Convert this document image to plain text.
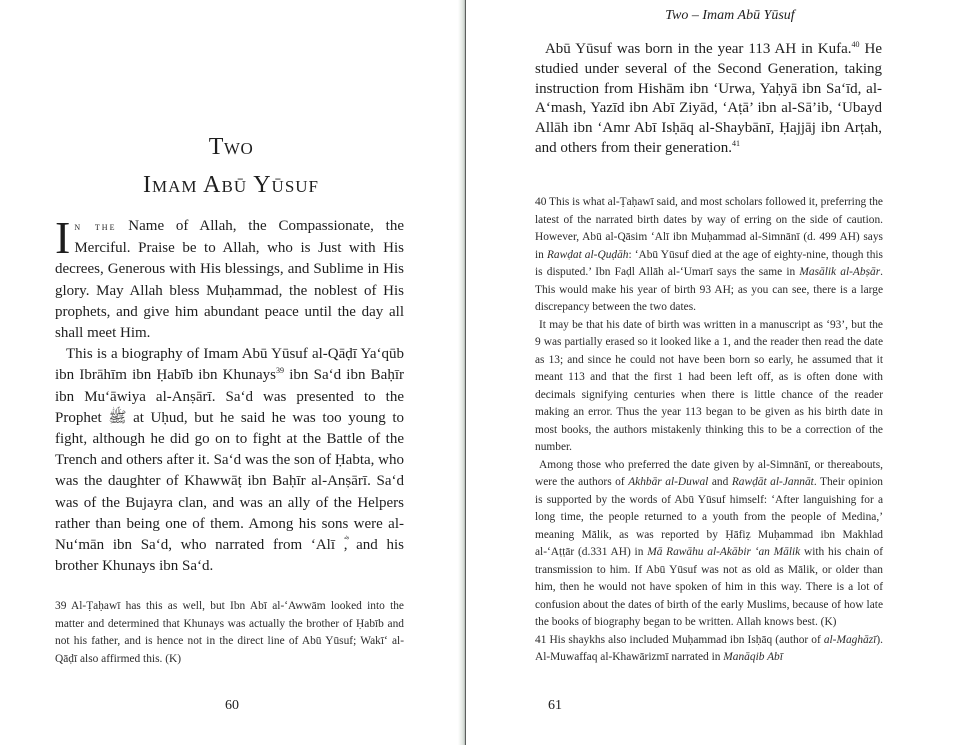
Two
Imam Abū Yūsuf

In the Name of Allah, the Compassionate, the Merciful. Praise be to Allah, who is Just with His decrees, Generous with His blessings, and Sublime in His glory. May Allah bless Muḥammad, the noblest of His prophets, and give him abundant peace until the day all shall meet Him.

This is a biography of Imam Abū Yūsuf al-Qāḍī Ya‘qūb ibn Ibrāhīm ibn Ḥabīb ibn Khunays$^{39}$ ibn Sa‘d ibn Baḥīr ibn Mu‘āwiya al-Anṣārī. Sa‘d was presented to the Prophet ﷺ at Uḥud, but he said he was too young to fight, although he did go on to fight at the Battle of the Trench and others after it. Sa‘d was the son of Ḥabta, who was the daughter of Khawwāṭ ibn Baḥīr al-Anṣārī. Sa‘d was of the Bujayra clan, and was an ally of the Helpers rather than being one of them. Among his sons were al-Nu‘mān ibn Sa‘d, who narrated from ‘Alī ؓ, and his brother Khunays ibn Sa‘d.

39 Al-Ṭaḥawī has this as well, but Ibn Abī al-‘Awwām looked into the matter and determined that Khunays was actually the brother of Ḥabīb and not his father, and is hence not in the direct line of Abū Yūsuf; Wakī‘ al-Qāḍī also affirmed this. (K)

60
Two – Imam Abū Yūsuf

Abū Yūsuf was born in the year 113 AH in Kufa.$^{40}$ He studied under several of the Second Generation, taking instruction from Hishām ibn ‘Urwa, Yaḥyā ibn Sa‘īd, al-A‘mash, Yazīd ibn Abī Ziyād, ‘Aṭā’ ibn al-Sā’ib, ‘Ubayd Allāh ibn ‘Amr Abī Isḥāq al-Shaybānī, Ḥajjāj ibn Arṭah, and others from their generation.$^{41}$

40 This is what al-Ṭaḥawī said, and most scholars followed it, preferring the latest of the narrated birth dates by way of erring on the side of caution. However, Abū al-Qāsim ‘Alī ibn Muḥammad al-Simnānī (d. 499 AH) says in Rawḍat al-Quḍāh: ‘Abū Yūsuf died at the age of eighty-nine, though this is disputed.’ Ibn Faḍl Allāh al-‘Umarī says the same in Masālik al-Abṣār. This would make his year of birth 93 AH; as you can see, there is a large discrepancy between the two dates.

It may be that his date of birth was written in a manuscript as ‘93’, but the 9 was partially erased so it looked like a 1, and the reader then read the date as 13; and since he could not have been born so early, he assumed that it meant 113 and that the first 1 had been left off, as is often done with decimals signifying centuries when there is little chance of the reader making an error. Thus the year 113 began to be given as his birth date in most books, the authors mistakenly thinking this to be a correction of the number.

Among those who preferred the date given by al-Simnānī, or thereabouts, were the authors of Akhbār al-Duwal and Rawḍāt al-Jannāt. Their opinion is supported by the words of Abū Yūsuf himself: ‘After languishing for a long time, the people returned to a youth from the people of Medina,’ meaning Mālik, as was reported by Ḥāfiẓ Muḥammad ibn Makhlad al-‘Aṭṭār (d.331 AH) in Mā Rawāhu al-Akābir ‘an Mālik with his chain of transmission to him. If Abū Yūsuf was not as old as Mālik, or older than him, then he would not have spoken of him in this way. There is a lot of confusion about the dates of birth of the early Muslims, because of how late the books of biography began to be written. Allah knows best. (K)

41 His shaykhs also included Muḥammad ibn Isḥāq (author of al-Maghāzī). Al-Muwaffaq al-Khawārizmī narrated in Manāqib Abī

61
